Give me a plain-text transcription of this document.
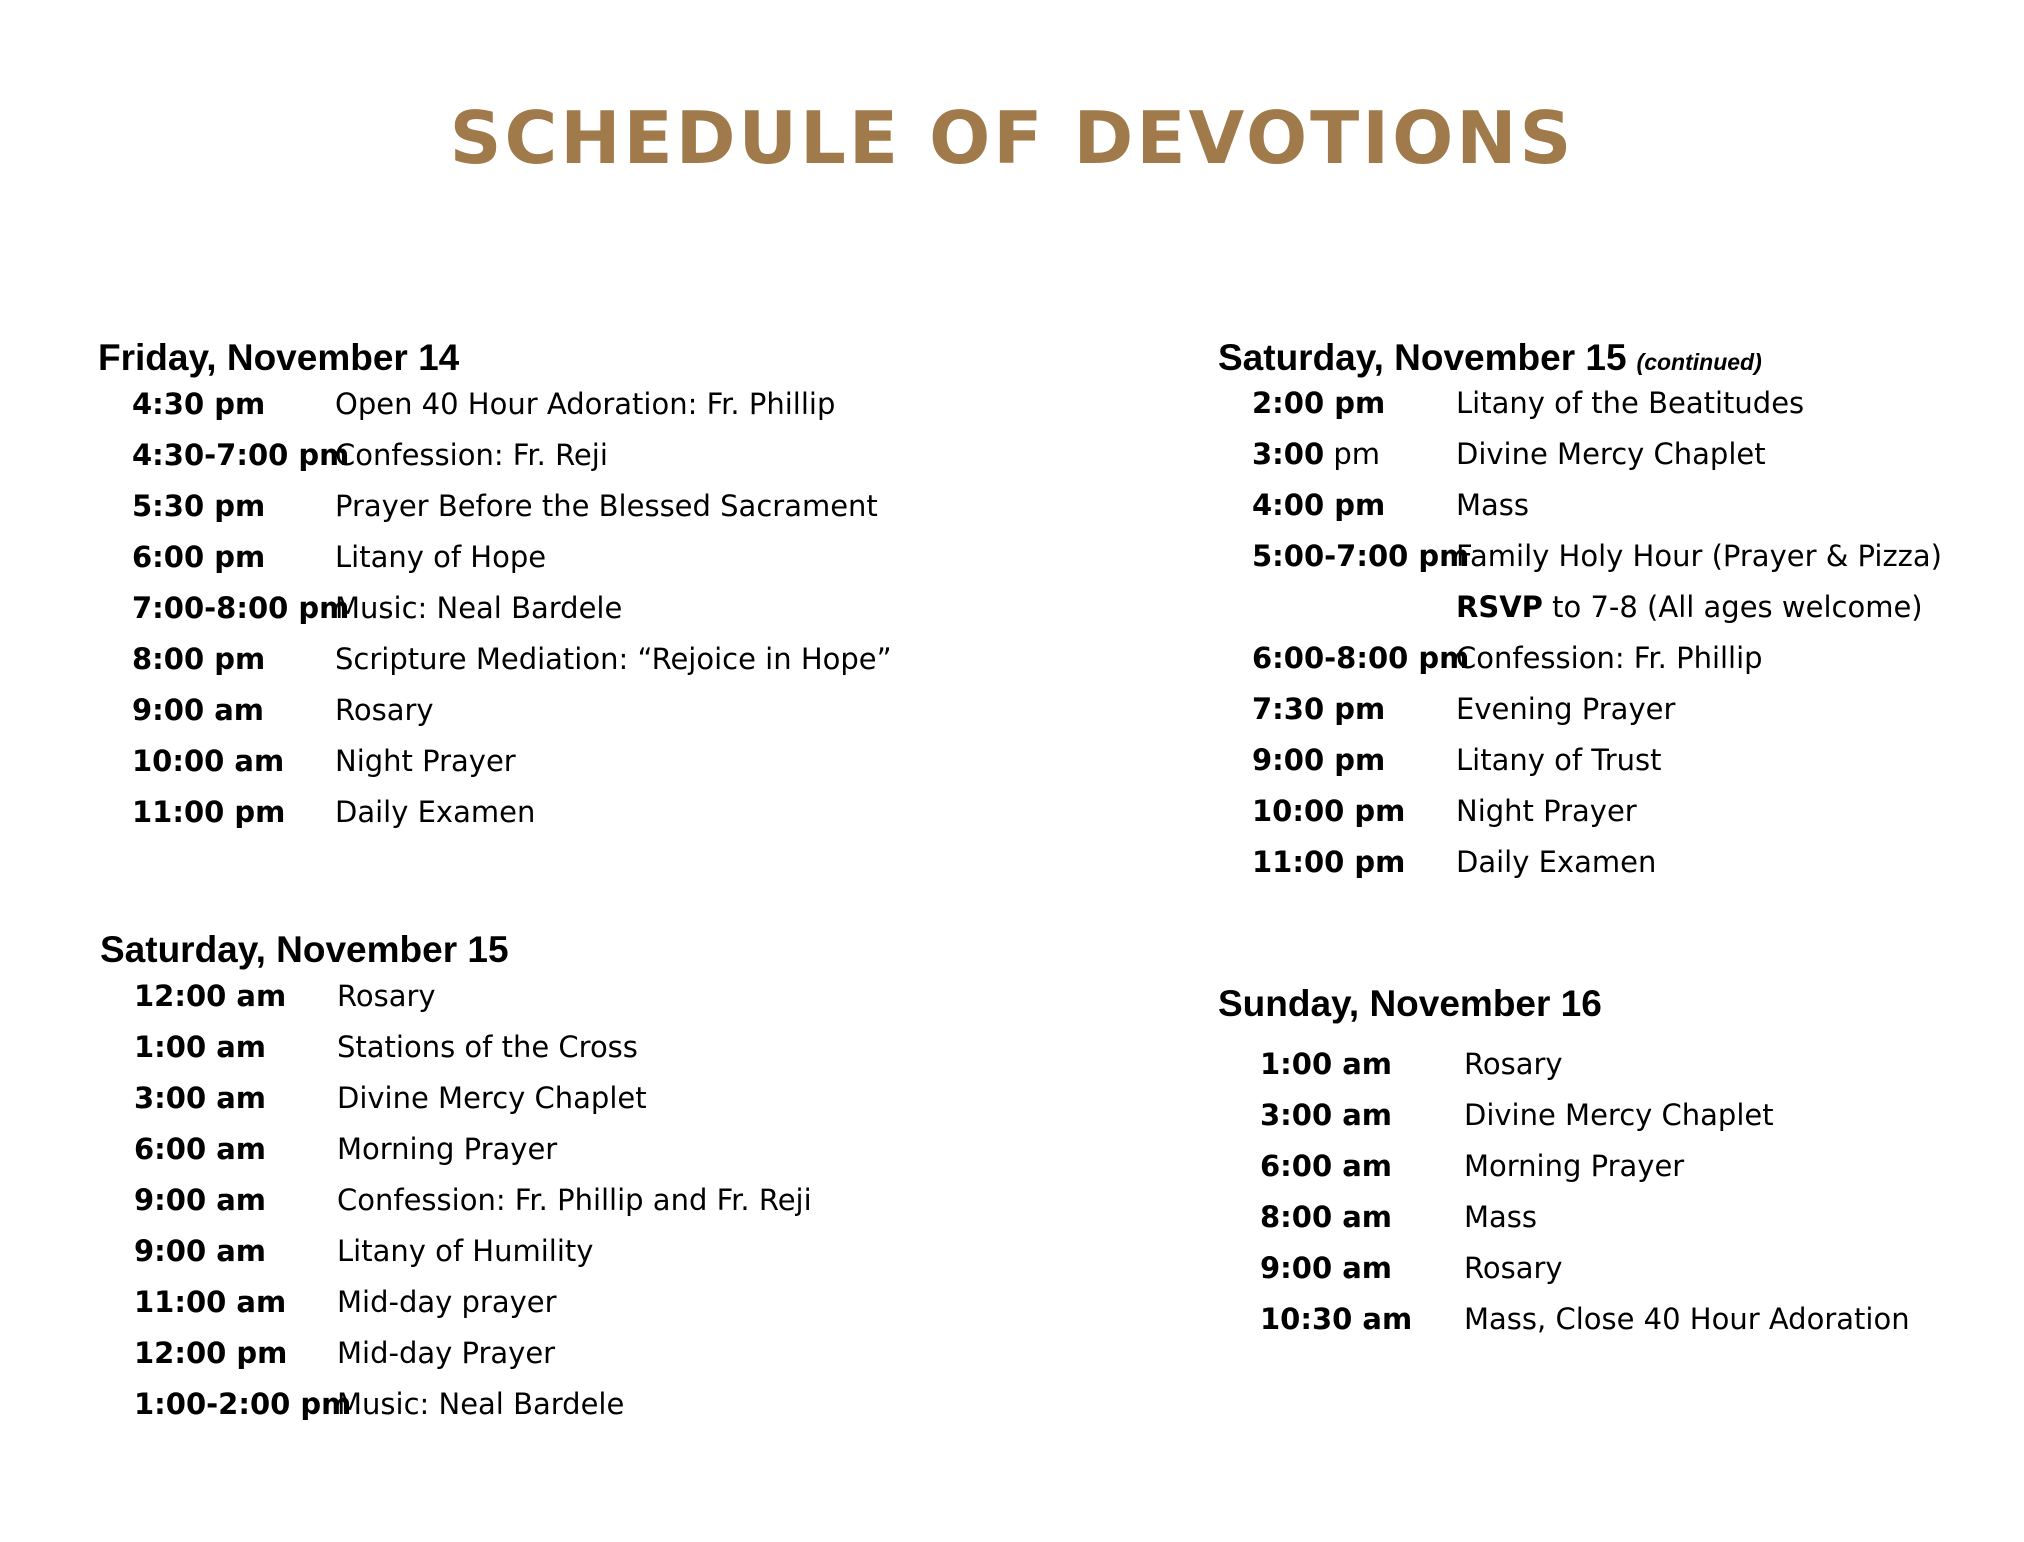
SCHEDULE OF DEVOTIONS
Friday, November 14
4:30 pm Open 40 Hour Adoration: Fr. Phillip
4:30-7:00 pm
Confession: Fr. Reji
5:30 pm Prayer Before the Blessed Sacrament
6:00 pm Litany of Hope
7:00-8:00 pm
Music: Neal Bardele
8:00 pm Scripture Mediation: “Rejoice in Hope”
9:00 am Rosary
10:00 am Night Prayer
11:00 pm Daily Examen
Saturday, November 15
12:00 am Rosary
1:00 am Stations of the Cross
3:00 am Divine Mercy Chaplet
6:00 am Morning Prayer
9:00 am Confession: Fr. Phillip and Fr. Reji
9:00 am Litany of Humility
11:00 am Mid-day prayer
12:00 pm Mid-day Prayer
1:00-2:00 pm
Music: Neal Bardele
Saturday, November 15 (continued)
2:00 pm Litany of the Beatitudes
3:00 pm	Divine Mercy Chaplet
4:00 pm Mass
5:00-7:00 pm
Family Holy Hour (Prayer & Pizza)
RSVP to 7-8 (All ages welcome)
6:00-8:00 pm
Confession: Fr. Phillip
7:30 pm Evening Prayer
9:00 pm Litany of Trust
10:00 pm Night Prayer
11:00 pm Daily Examen
Sunday, November 16
1:00 am Rosary
3:00 am Divine Mercy Chaplet
6:00 am Morning Prayer
8:00 am Mass
9:00 am Rosary
10:30 am Mass, Close 40 Hour Adoration
